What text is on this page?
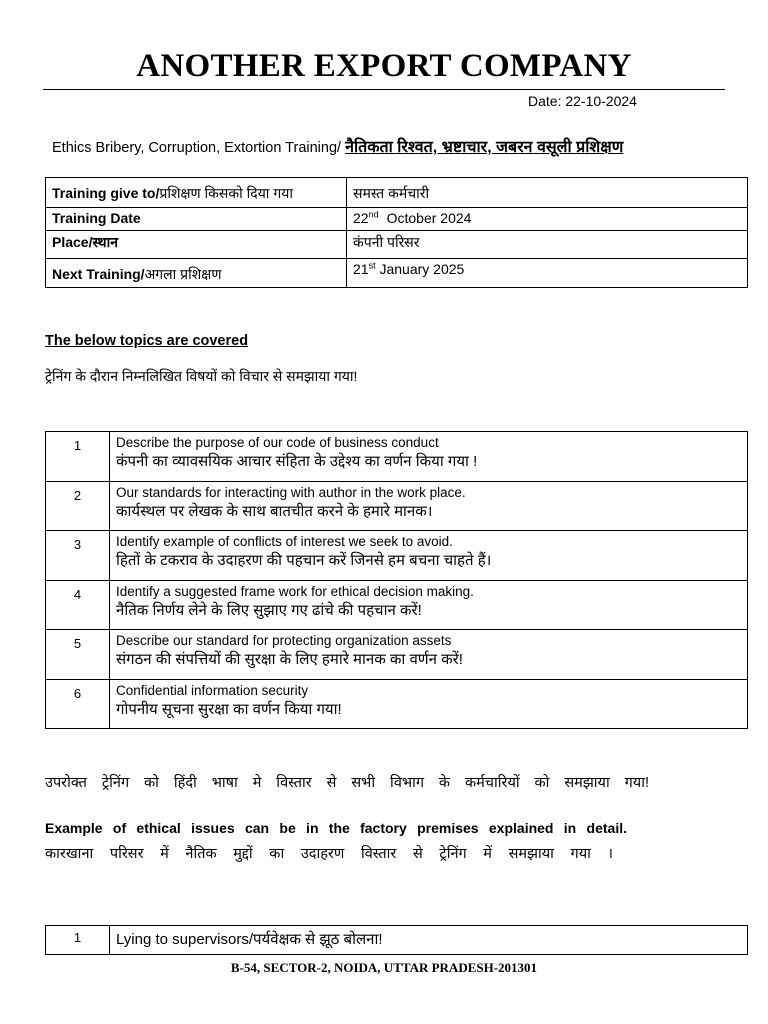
ANOTHER EXPORT COMPANY
Date: 22-10-2024
Ethics Bribery, Corruption, Extortion Training/ नैतिकता रिश्वत, भ्रष्टाचार, जबरन वसूली प्रशिक्षण
Training give to/प्रशिक्षण किसको दिया गया	समस्त कर्मचारी
Training Date	22nd October 2024
Place/स्थान	कंपनी परिसर
Next Training/अगला प्रशिक्षण	21st January 2025
The below topics are covered
ट्रेनिंग के दौरान निम्नलिखित विषयों को विचार से समझाया गया!
1	Describe the purpose of our code of business conduct
कंपनी का व्यावसयिक आचार संहिता के उद्देश्य का वर्णन किया गया !

2	Our standards for interacting with author in the work place.
कार्यस्थल पर लेखक के साथ बातचीत करने के हमारे मानक।

3	Identify example of conflicts of interest we seek to avoid.
हितों के टकराव के उदाहरण की पहचान करें जिनसे हम बचना चाहते हैं।

4	Identify a suggested frame work for ethical decision making.
नैतिक निर्णय लेने के लिए सुझाए गए ढांचे की पहचान करें!

5	Describe our standard for protecting organization assets
संगठन की संपत्तियों की सुरक्षा के लिए हमारे मानक का वर्णन करें!

6	Confidential information security
गोपनीय सूचना सुरक्षा का वर्णन किया गया!
उपरोक्त ट्रेनिंग को हिंदी भाषा मे विस्तार से सभी विभाग के कर्मचारियों को समझाया गया!
Example of ethical issues can be in the factory premises explained in detail.
कारखाना परिसर में नैतिक मुद्दों का उदाहरण विस्तार से ट्रेनिंग में समझाया गया ।
1	Lying to supervisors/पर्यवेक्षक से झूठ बोलना!
B-54, SECTOR-2, NOIDA, UTTAR PRADESH-201301
